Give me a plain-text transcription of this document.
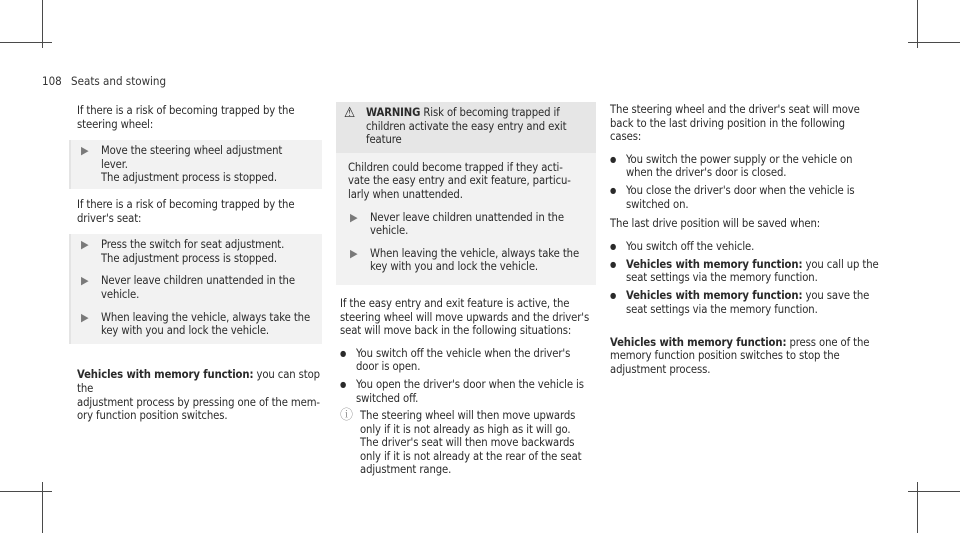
108 Seats and stowing

If there is a risk of becoming trapped by the
steering wheel:

▶	Move the steering wheel adjustment
lever.
The adjustment process is stopped.

If there is a risk of becoming trapped by the
driver's seat:

▶	Press the switch for seat adjustment.
The adjustment process is stopped.
▶	Never leave children unattended in the
vehicle.
▶	When leaving the vehicle, always take the
key with you and lock the vehicle.

Vehicles with memory function: you can stop the
adjustment process by pressing one of the mem-
ory function position switches.

⚠ WARNING Risk of becoming trapped if
children activate the easy entry and exit
feature

Children could become trapped if they acti-
vate the easy entry and exit feature, particu-
larly when unattended.

▶	Never leave children unattended in the
vehicle.
▶	When leaving the vehicle, always take the
key with you and lock the vehicle.

If the easy entry and exit feature is active, the
steering wheel will move upwards and the driver's
seat will move back in the following situations:

● You switch off the vehicle when the driver's
door is open.
● You open the driver's door when the vehicle is
switched off.
ⓘ The steering wheel will then move upwards
only if it is not already as high as it will go.
The driver's seat will then move backwards
only if it is not already at the rear of the seat
adjustment range.

The steering wheel and the driver's seat will move
back to the last driving position in the following
cases:

● You switch the power supply or the vehicle on
when the driver's door is closed.
● You close the driver's door when the vehicle is
switched on.

The last drive position will be saved when:

● You switch off the vehicle.
● Vehicles with memory function: you call up the
seat settings via the memory function.
● Vehicles with memory function: you save the
seat settings via the memory function.

Vehicles with memory function: press one of the
memory function position switches to stop the
adjustment process.
